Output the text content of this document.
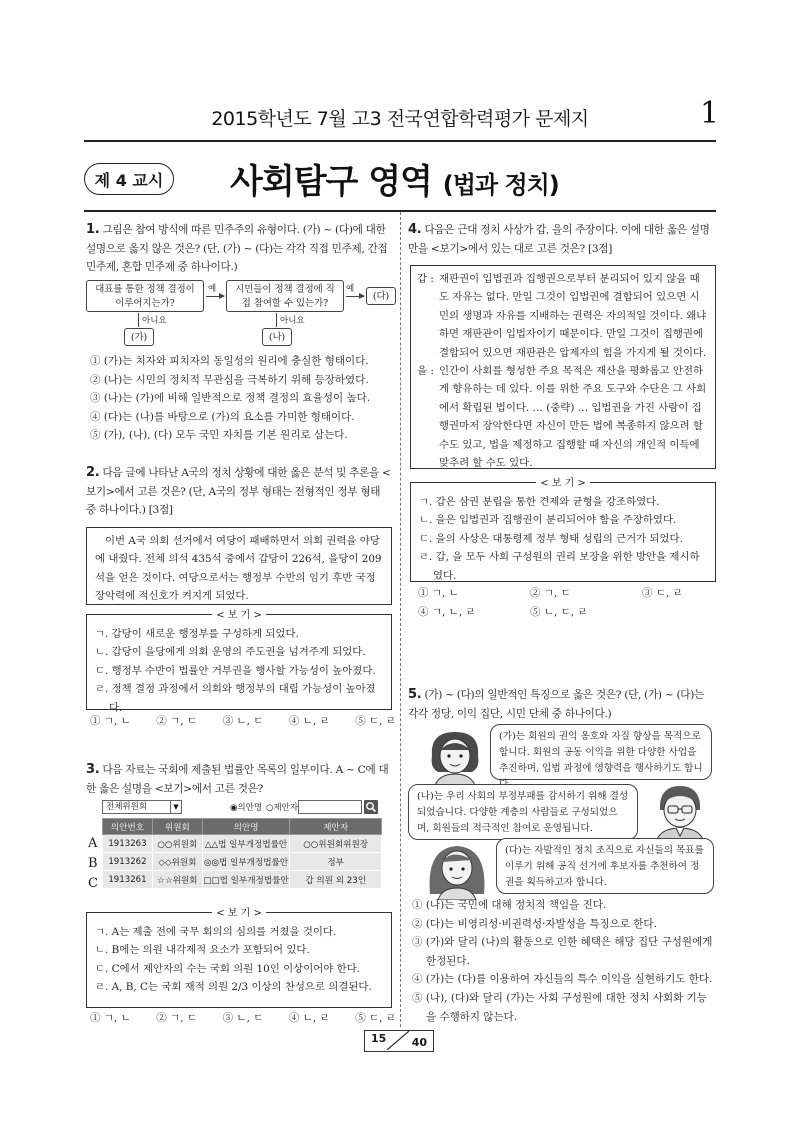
2015학년도 7월 고3 전국연합학력평가 문제지	1
제 4 교시	사회탐구 영역 (법과 정치)
1. 그림은 참여 방식에 따른 민주주의 유형이다. (가) ~ (다)에 대한 설명으로 옳지 않은 것은? (단, (가) ~ (다)는 각각 직접 민주제, 간접 민주제, 혼합 민주제 중 하나이다.)
대표를 통한 정책 결정이 이루어지는가?
예	시민들이 정책 결정에 직접 참여할 수 있는가?
예
(다)
아니요
(가)
아니요
(나)
① (가)는 치자와 피치자의 동일성의 원리에 충실한 형태이다.
② (나)는 시민의 정치적 무관심을 극복하기 위해 등장하였다.
③ (나)는 (가)에 비해 일반적으로 정책 결정의 효율성이 높다.
④ (다)는 (나)를 바탕으로 (가)의 요소를 가미한 형태이다.
⑤ (가), (나), (다) 모두 국민 자치를 기본 원리로 삼는다.
2. 다음 글에 나타난 A국의 정치 상황에 대한 옳은 분석 및 추론을 <보기>에서 고른 것은? (단, A국의 정부 형태는 전형적인 정부 형태 중 하나이다.) [3점]
이번 A국 의회 선거에서 여당이 패배하면서 의회 권력을 야당에 내줬다. 전체 의석 435석 중에서 갑당이 226석, 을당이 209석을 얻은 것이다. 여당으로서는 행정부 수반의 임기 후반 국정 장악력에 적신호가 켜지게 되었다.
< 보 기 >
ㄱ. 갑당이 새로운 행정부를 구성하게 되었다.
ㄴ. 갑당이 을당에게 의회 운영의 주도권을 넘겨주게 되었다.
ㄷ. 행정부 수반이 법률안 거부권을 행사할 가능성이 높아졌다.
ㄹ. 정책 결정 과정에서 의회와 행정부의 대립 가능성이 높아졌다.
① ㄱ, ㄴ ② ㄱ, ㄷ ③ ㄴ, ㄷ ④ ㄴ, ㄹ ⑤ ㄷ, ㄹ
3. 다음 자료는 국회에 제출된 법률안 목록의 일부이다. A ~ C에 대한 옳은 설명을 <보기>에서 고른 것은?
전체위원회	▼	◉의안명 ○제안자
의안번호	위원회	의안명	제안자
1913263	○○위원회	△△법 일부개정법률안	○○위원회위원장
1913262	◇◇위원회	◎◎법 일부개정법률안	정부
1913261	☆☆위원회	□□법 일부개정법률안	갑 의원 외 23인
A
B
C
< 보 기 >
ㄱ. A는 제출 전에 국무 회의의 심의를 거쳤을 것이다.
ㄴ. B에는 의원 내각제적 요소가 포함되어 있다.
ㄷ. C에서 제안자의 수는 국회 의원 10인 이상이어야 한다.
ㄹ. A, B, C는 국회 재적 의원 2/3 이상의 찬성으로 의결된다.
① ㄱ, ㄴ ② ㄱ, ㄷ ③ ㄴ, ㄷ ④ ㄴ, ㄹ ⑤ ㄷ, ㄹ
4. 다음은 근대 정치 사상가 갑, 을의 주장이다. 이에 대한 옳은 설명만을 <보기>에서 있는 대로 고른 것은? [3점]
갑 : 재판권이 입법권과 집행권으로부터 분리되어 있지 않을 때도 자유는 없다. 만일 그것이 입법권에 결합되어 있으면 시민의 생명과 자유를 지배하는 권력은 자의적일 것이다. 왜냐하면 재판관이 입법자이기 때문이다. 만일 그것이 집행권에 결합되어 있으면 재판관은 압제자의 힘을 가지게 될 것이다.
을 : 인간이 사회를 형성한 주요 목적은 재산을 평화롭고 안전하게 향유하는 데 있다. 이를 위한 주요 도구와 수단은 그 사회에서 확립된 법이다. … (중략) … 입법권을 가진 사람이 집행권마저 장악한다면 자신이 만든 법에 복종하지 않으려 할 수도 있고, 법을 제정하고 집행할 때 자신의 개인적 이득에 맞추려 할 수도 있다.
< 보 기 >
ㄱ. 갑은 삼권 분립을 통한 견제와 균형을 강조하였다.
ㄴ. 을은 입법권과 집행권이 분리되어야 함을 주장하였다.
ㄷ. 을의 사상은 대통령제 정부 형태 성립의 근거가 되었다.
ㄹ. 갑, 을 모두 사회 구성원의 권리 보장을 위한 방안을 제시하였다.
① ㄱ, ㄴ	② ㄱ, ㄷ	③ ㄷ, ㄹ
④ ㄱ, ㄴ, ㄹ	⑤ ㄴ, ㄷ, ㄹ
5. (가) ~ (다)의 일반적인 특징으로 옳은 것은? (단, (가) ~ (다)는 각각 정당, 이익 집단, 시민 단체 중 하나이다.)
(가)는 회원의 권익 옹호와 자질 향상을 목적으로 합니다. 회원의 공동 이익을 위한 다양한 사업을 추진하며, 입법 과정에 영향력을 행사하기도 합니
(나)는 우리 사회의 부정부패를 감시하기 위해 결성되었습니다. 다양한 계층의 사람들로 구성되었으며, 회원들의 적극적인 참여로 운영됩니다.
(다)는 자발적인 정치 조직으로 자신들의 목표를 이루기 위해 공직 선거에 후보자를 추천하여 정권을 획득하고자 합니다.
① (나)는 국민에 대해 정치적 책임을 진다.
② (다)는 비영리성·비권력성·자발성을 특징으로 한다.
③ (가)와 달리 (나)의 활동으로 인한 혜택은 해당 집단 구성원에게 한정된다.
④ (가)는 (다)를 이용하여 자신들의 특수 이익을 실현하기도 한다.
⑤ (나), (다)와 달리 (가)는 사회 구성원에 대한 정치 사회화 기능을 수행하지 않는다.
15 40
